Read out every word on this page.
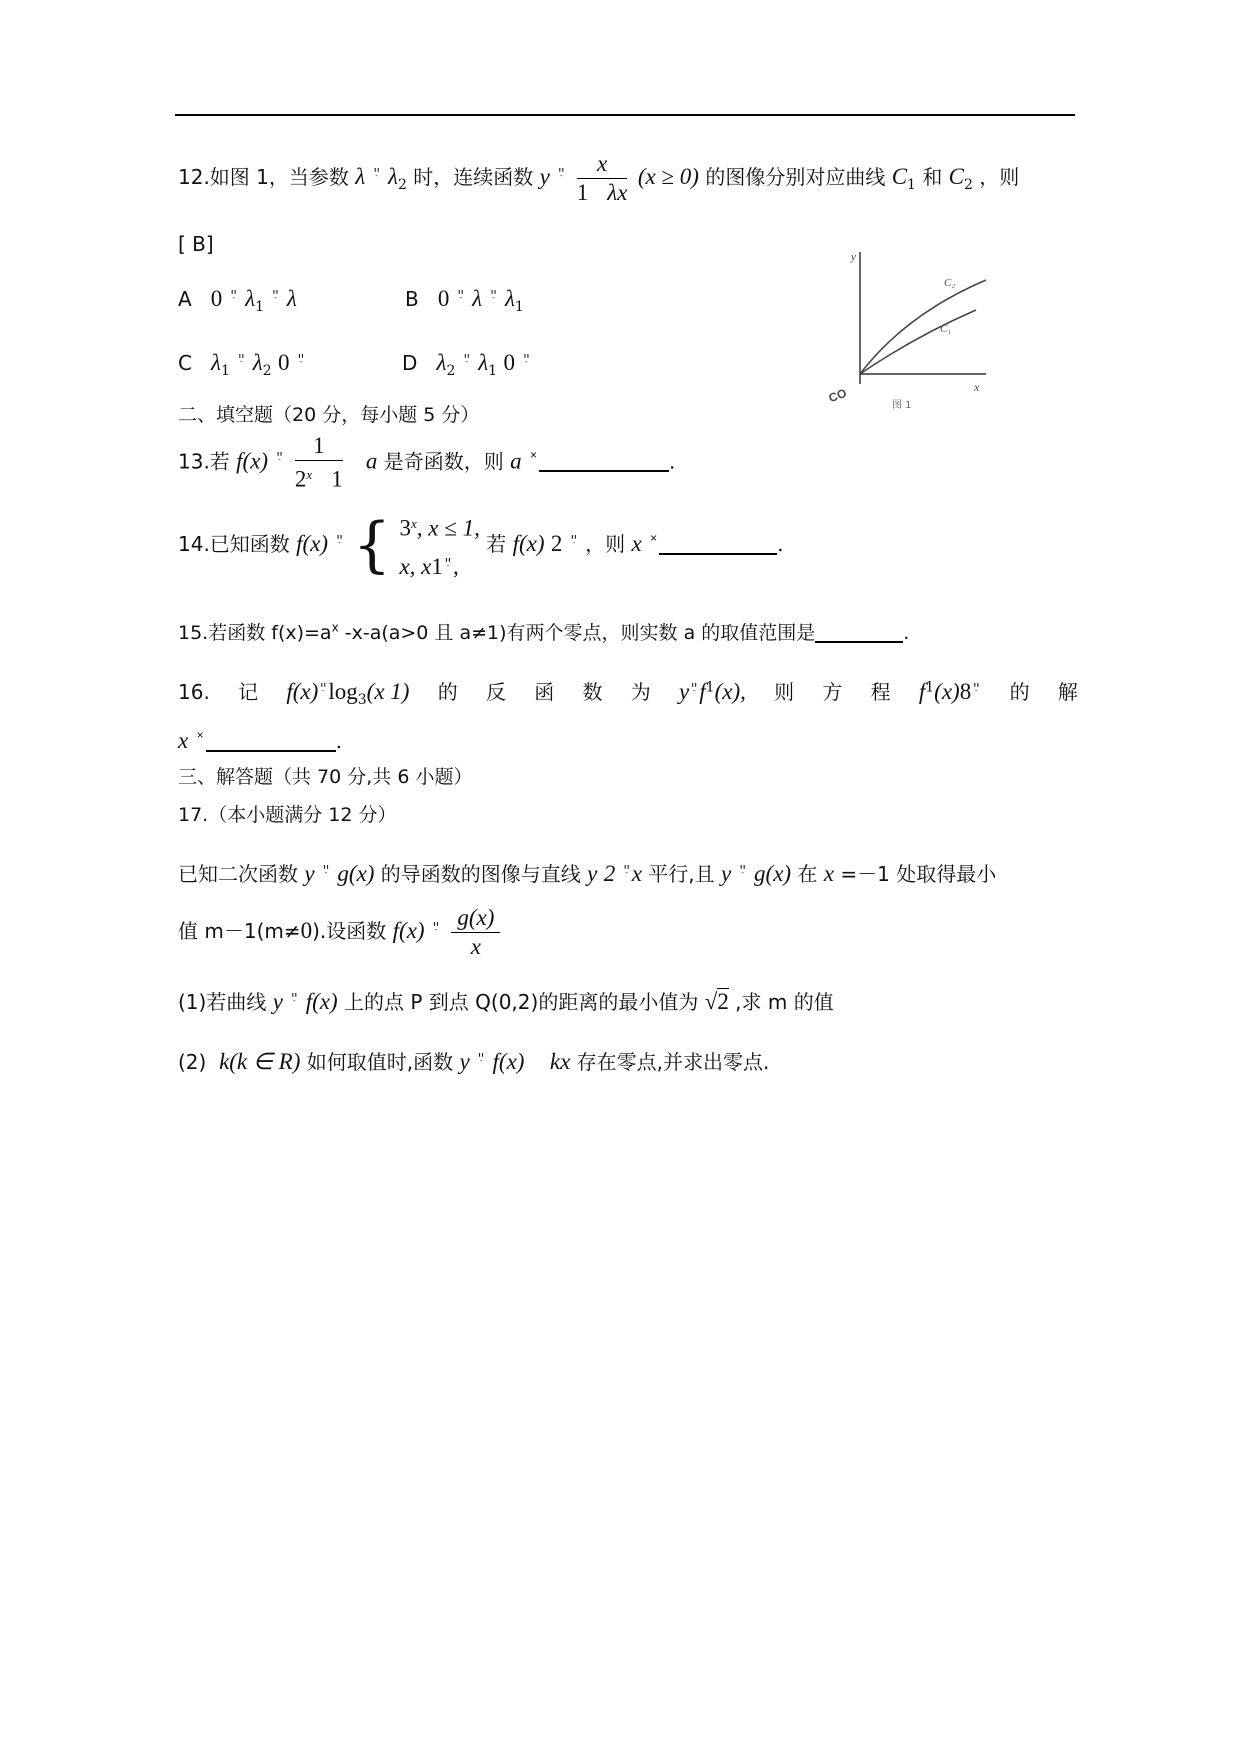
12.如图 1，当参数 λ $^{ײַ}$ $\lambda_2$ 时，连续函数 y $^{ײַ} \frac{x}{1 \lambda x} (x \ge 0)$ 的图像分别对应曲线 $C_1$ 和 $C_2$ ，则
[ B]
A 0 $^{ײַ}$ $\lambda_1$ $^{ײַ}$ λ	B 0 $^{ײַ}$ λ $^{ײַ}$ $\lambda_1$
C $\lambda_1$ $^{ײַ}$ $\lambda_2$ $^{ײַ}$ 0	D $\lambda_2$ $^{ײַ}$ $\lambda_1$ $^{ײַ}$ 0
y
x
C₂
C₁
CO
图 1
二、填空题（20 分，每小题 5 分）
13.若 f(x) $^{ײַ} \frac{1}{2^x 1}$ a 是奇函数，则 a ×	.
14.已知函数 f(x) $^{ײַ}$ { 3$^x$, x ≤ 1,
x, x $^{ײַ}$1,
若 f(x) $^{ײַ}$ 2 ，则 x ×	.
15.若函数 $f(x)=a^x$ -x-a(a>0 且 a≠1)有两个零点，则实数 a 的取值范围是	.
16. 记 f(x) $^{ײַ}\log_3(x$ 1) 的 反 函 数 为 y $^{ײַ}f^1(x)$, 则 方 程 $f^1(x)$ $^{ײַ}$8	的 解
x ×	.
三、解答题（共 70 分,共 6 小题）
17.（本小题满分 12 分）
已知二次函数 y $^{ײַ}$ g(x) 的导函数的图像与直线 y $^{ײַ}$ 2x 平行,且 y $^{ײַ}$ g(x) 在 x =－1 处取得最小
值 m－1(m≠0).设函数 f(x) $^{ײַ} \frac{g(x)}{x}$
(1)若曲线 y $^{ײַ}$ f(x) 上的点 P 到点 Q(0,2)的距离的最小值为 √2 ,求 m 的值
(2) k(k ∈ R) 如何取值时,函数 y $^{ײַ}$ f(x) kx 存在零点,并求出零点.
